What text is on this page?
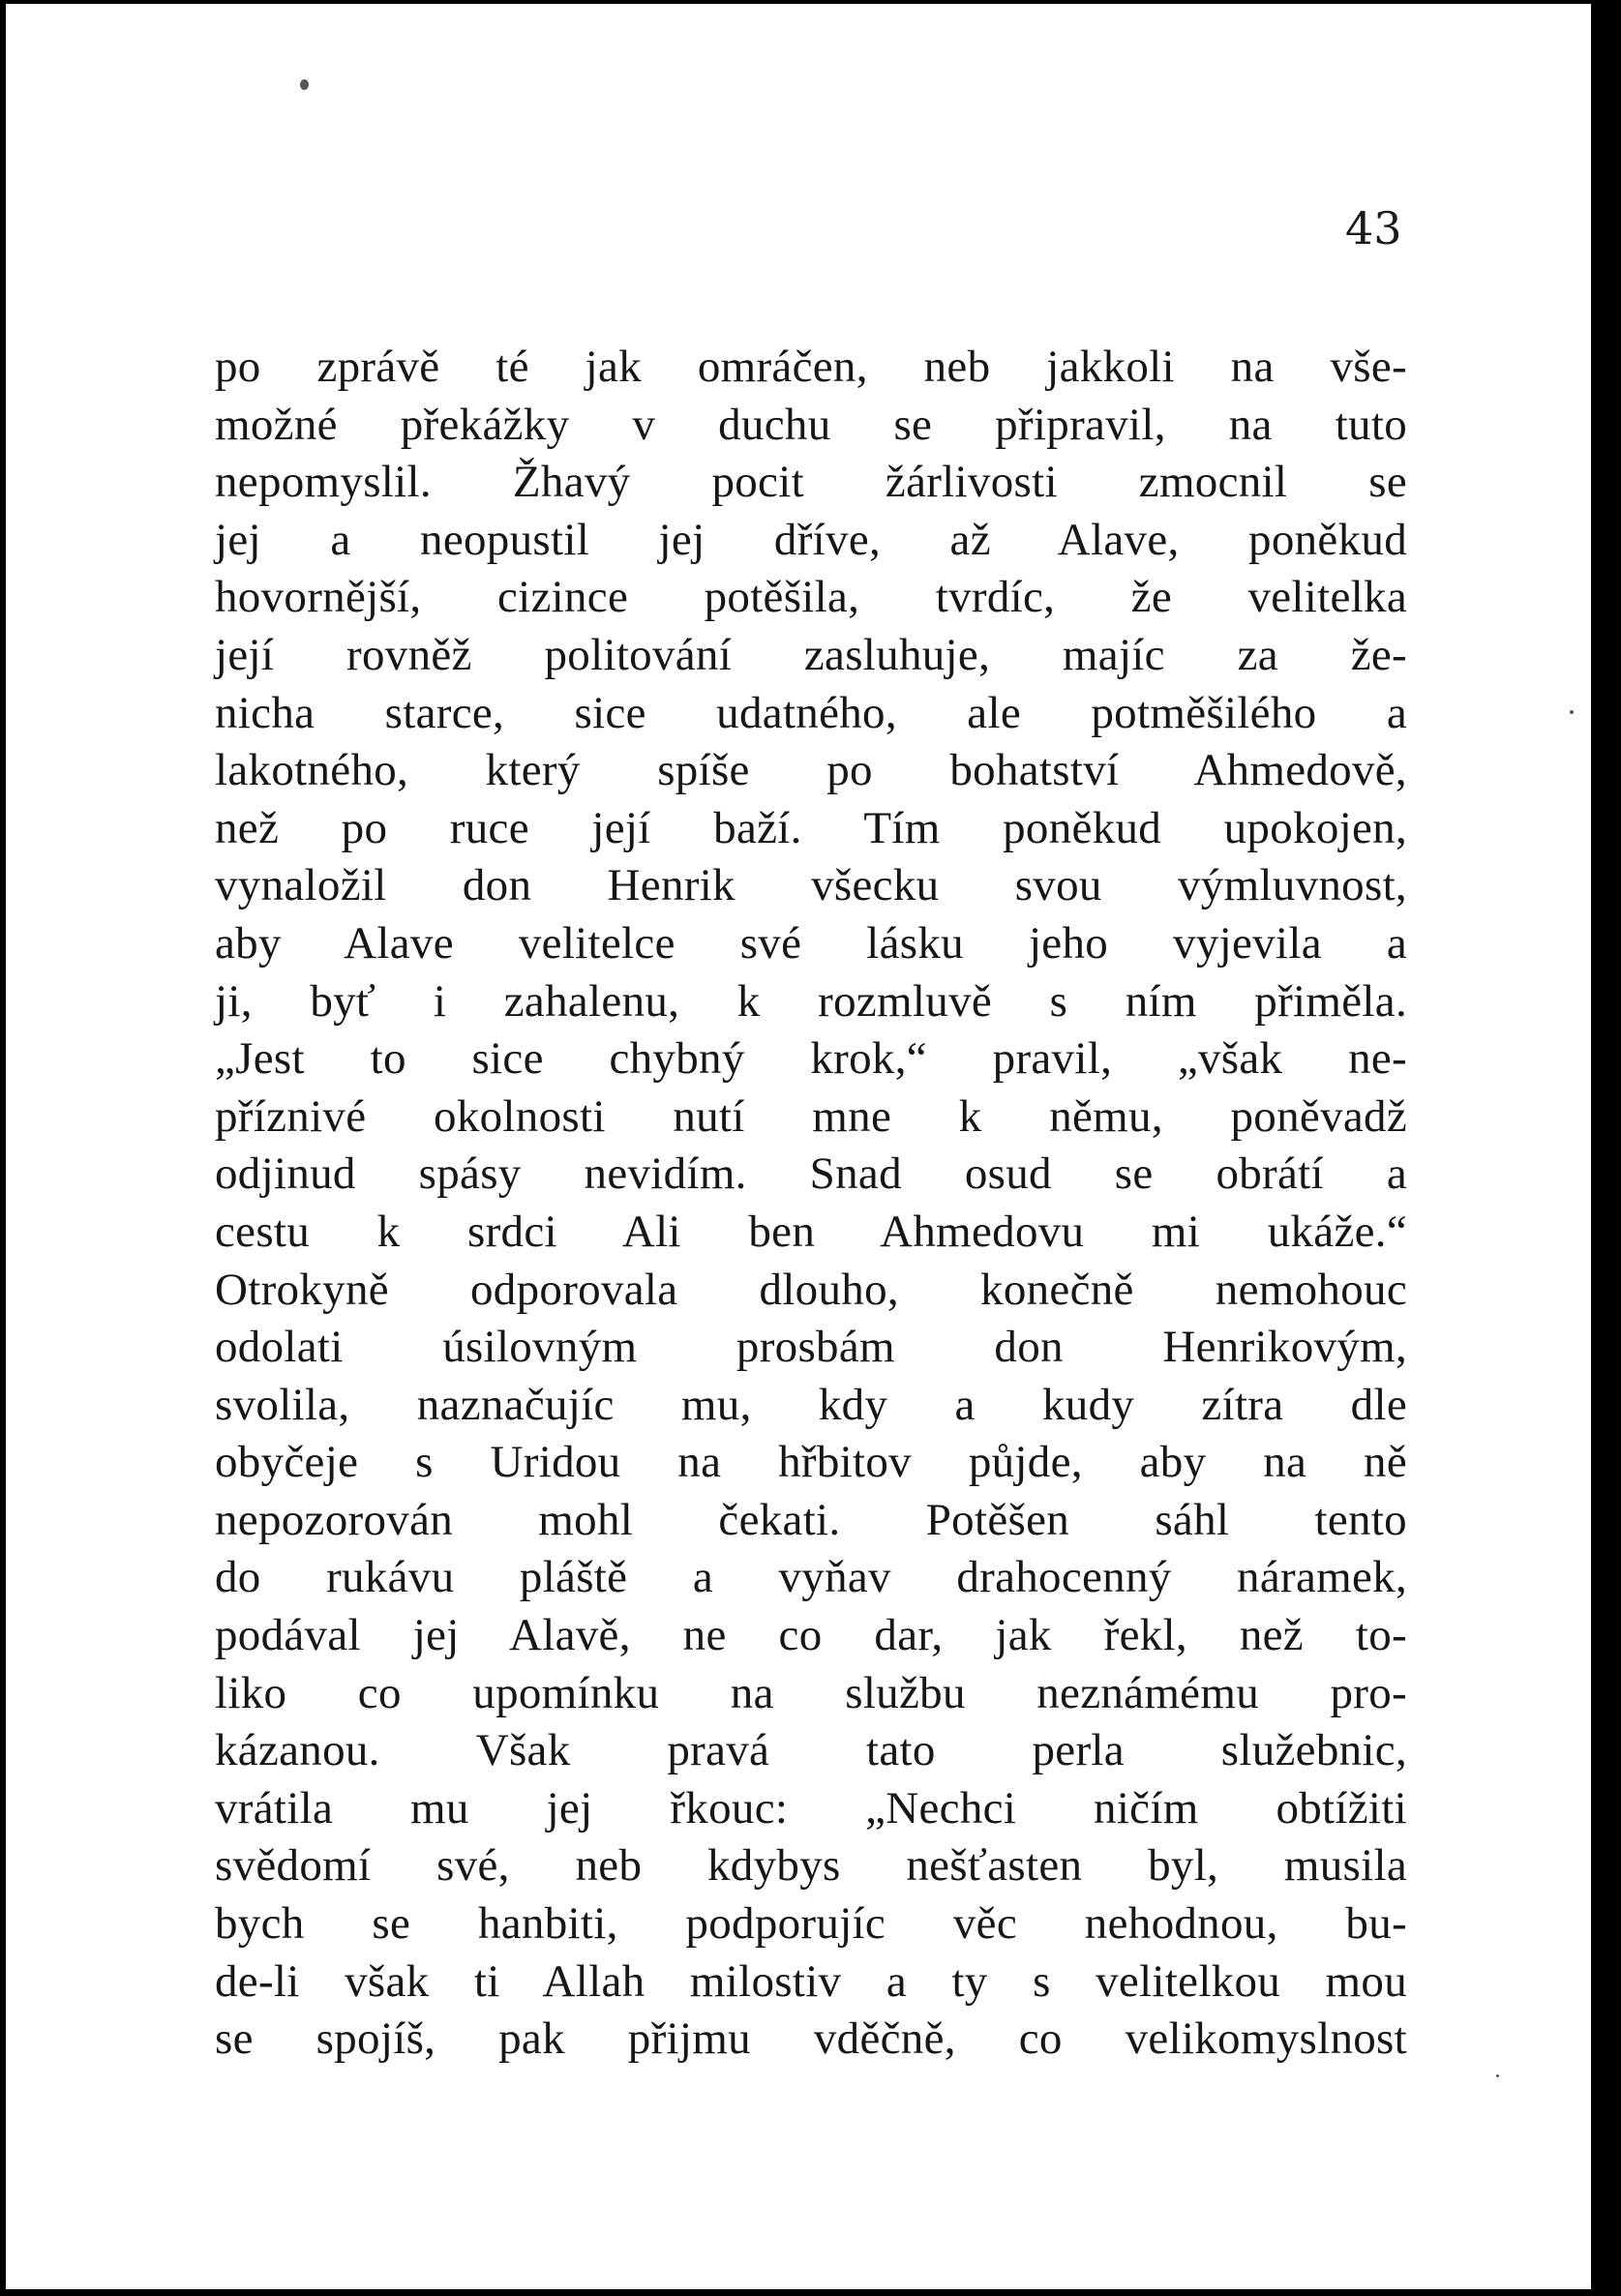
43
po zprávě té jak omráčen, neb jakkoli na vše-
možné překážky v duchu se připravil, na tuto
nepomyslil. Žhavý pocit žárlivosti zmocnil se
jej a neopustil jej dříve, až Alave, poněkud
hovornější, cizince potěšila, tvrdíc, že velitelka
její rovněž politování zasluhuje, majíc za že-
nicha starce, sice udatného, ale potměšilého a
lakotného, který spíše po bohatství Ahmedově,
než po ruce její baží. Tím poněkud upokojen,
vynaložil don Henrik všecku svou výmluvnost,
aby Alave velitelce své lásku jeho vyjevila a
ji, byť i zahalenu, k rozmluvě s ním přiměla.
„Jest to sice chybný krok,“ pravil, „však ne-
příznivé okolnosti nutí mne k němu, poněvadž
odjinud spásy nevidím. Snad osud se obrátí a
cestu k srdci Ali ben Ahmedovu mi ukáže.“
Otrokyně odporovala dlouho, konečně nemohouc
odolati úsilovným prosbám don Henrikovým,
svolila, naznačujíc mu, kdy a kudy zítra dle
obyčeje s Uridou na hřbitov půjde, aby na ně
nepozorován mohl čekati. Potěšen sáhl tento
do rukávu pláště a vyňav drahocenný náramek,
podával jej Alavě, ne co dar, jak řekl, než to-
liko co upomínku na službu neznámému pro-
kázanou. Však pravá tato perla služebnic,
vrátila mu jej řkouc: „Nechci ničím obtížiti
svědomí své, neb kdybys nešťasten byl, musila
bych se hanbiti, podporujíc věc nehodnou, bu-
de-li však ti Allah milostiv a ty s velitelkou mou
se spojíš, pak přijmu vděčně, co velikomyslnost
